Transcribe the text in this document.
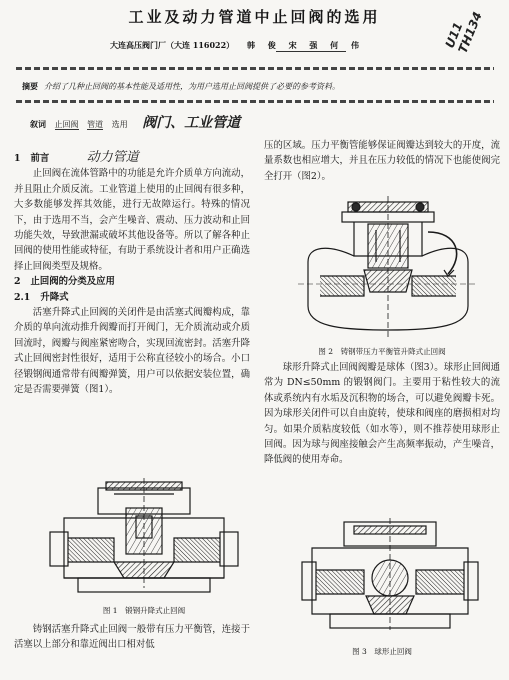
工业及动力管道中止回阀的选用
U11 TH134
大连高压阀门厂（大连 116022） 韩 俊 宋 强 何 伟
摘要 介绍了几种止回阀的基本性能及适用性，为用户选用止回阀提供了必要的参考资料。
叙词 止回阀 管道 选用 阀门、工业管道
1 前言	动力管道

止回阀在流体管路中的功能是允许介质单方向流动，并且阻止介质反流。工业管道上使用的止回阀有很多种，大多数能够发挥其效能，进行无故障运行。特殊的情况下，由于选用不当，会产生噪音、震动、压力波动和止回功能失效，导致泄漏或破坏其他设备等。所以了解各种止回阀的使用性能或特征，有助于系统设计者和用户正确选择止回阀类型及规格。

2 止回阀的分类及应用
2.1 升降式

活塞升降式止回阀的关闭件是由活塞式阀瓣构成，靠介质的单向流动推升阀瓣而打开阀门，无介质流动或介质回流时，阀瓣与阀座紧密吻合，实现回流密封。活塞升降式止回阀密封性很好，适用于公称直径较小的场合。小口径锻钢阀通常带有阀瓣弹簧，用户可以依据安装位置，确定是否需要弹簧（图1）。

图 1　锻钢升降式止回阀

铸钢活塞升降式止回阀一般带有压力平衡管，连接于活塞以上部分和靠近阀出口相对低

压的区域。压力平衡管能够保证阀瓣达到较大的开度，流量系数也相应增大，并且在压力较低的情况下也能使阀完全打开（图2）。

图 2　铸钢带压力平衡管升降式止回阀

球形升降式止回阀阀瓣是球体（图3）。球形止回阀通常为 DN≤50mm 的锻钢阀门。主要用于粘性较大的流体或系统内有水垢及沉积物的场合，可以避免阀瓣卡死。因为球形关闭件可以自由旋转，使球和阀座的磨损相对均匀。如果介质粘度较低（如水等），则不推荐使用球形止回阀。因为球与阀座接触会产生高频率振动，产生噪音，降低阀的使用寿命。

图 3　球形止回阀
